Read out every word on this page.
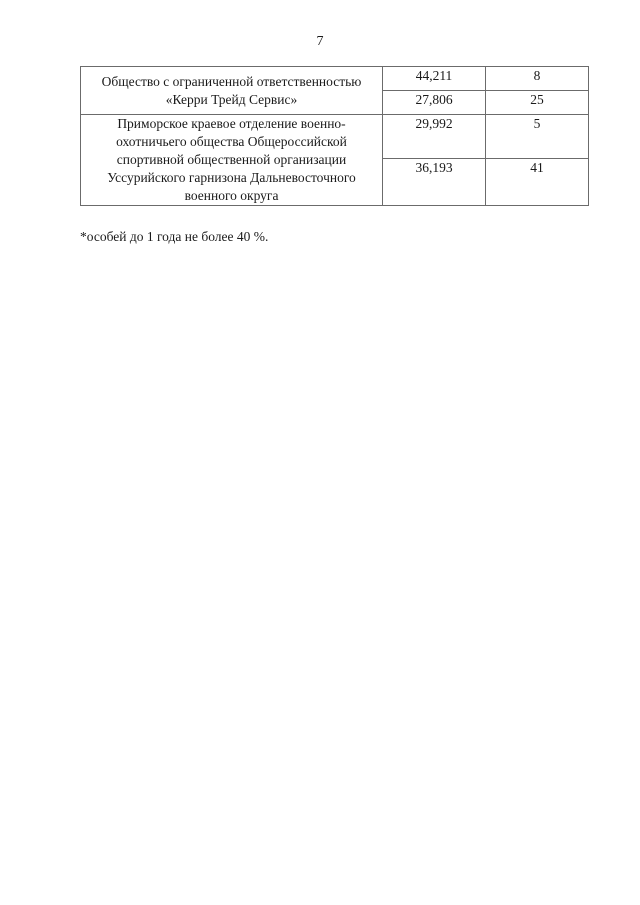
7
Общество с ограниченной ответственностью «Керри Трейд Сервис»	44,211	8
	27,806	25
Приморское краевое отделение военно-охотничьего общества Общероссийской спортивной общественной организации Уссурийского гарнизона Дальневосточного военного округа	29,992	5
	36,193	41
*особей до 1 года не более 40 %.
